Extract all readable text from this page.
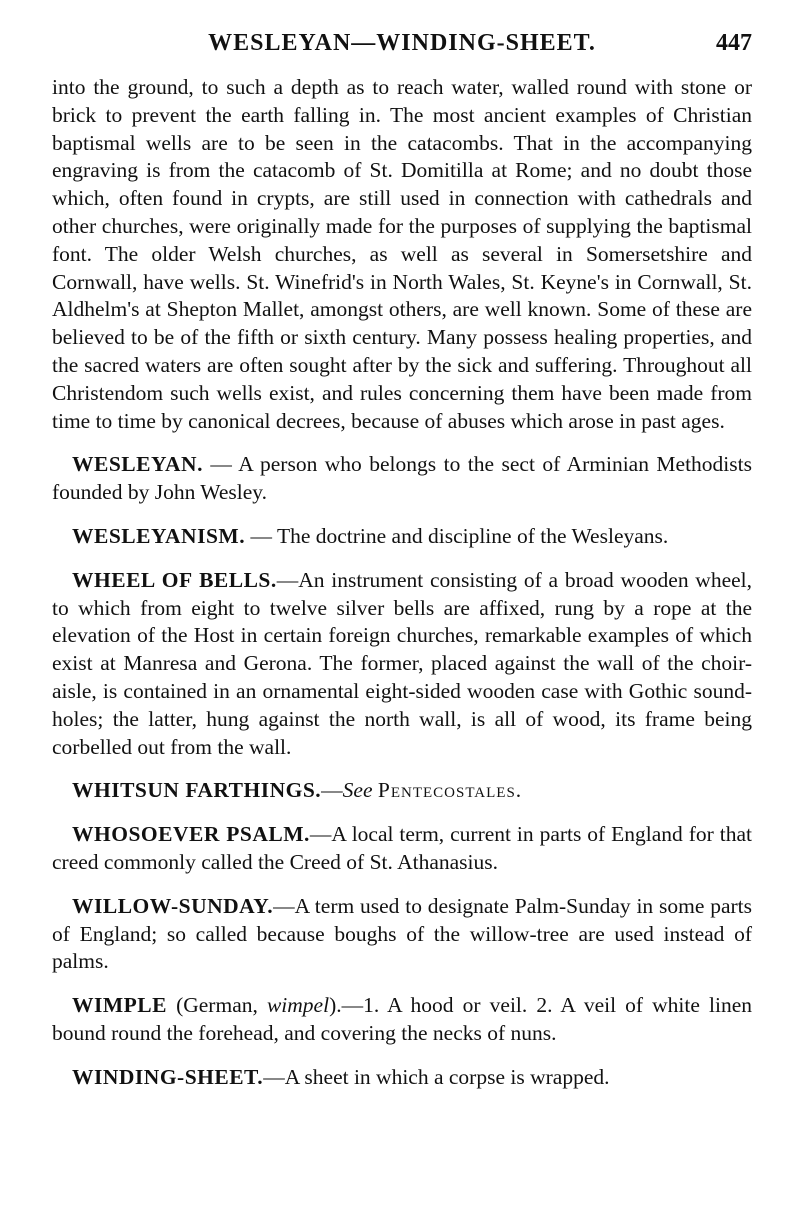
WESLEYAN—WINDING-SHEET.	447

into the ground, to such a depth as to reach water, walled round with stone or brick to prevent the earth falling in. The most ancient examples of Christian baptismal wells are to be seen in the catacombs. That in the accompanying engraving is from the catacomb of St. Domitilla at Rome; and no doubt those which, often found in crypts, are still used in connection with cathedrals and other churches, were originally made for the purposes of supplying the baptismal font. The older Welsh churches, as well as several in Somersetshire and Cornwall, have wells. St. Winefrid's in North Wales, St. Keyne's in Cornwall, St. Aldhelm's at Shepton Mallet, amongst others, are well known. Some of these are believed to be of the fifth or sixth century. Many possess healing properties, and the sacred waters are often sought after by the sick and suffering. Throughout all Christendom such wells exist, and rules concerning them have been made from time to time by canonical decrees, because of abuses which arose in past ages.

WESLEYAN. — A person who belongs to the sect of Arminian Methodists founded by John Wesley.

WESLEYANISM. — The doctrine and discipline of the Wesleyans.

WHEEL OF BELLS.—An instrument consisting of a broad wooden wheel, to which from eight to twelve silver bells are affixed, rung by a rope at the elevation of the Host in certain foreign churches, remarkable examples of which exist at Manresa and Gerona. The former, placed against the wall of the choir-aisle, is contained in an ornamental eight-sided wooden case with Gothic sound-holes; the latter, hung against the north wall, is all of wood, its frame being corbelled out from the wall.

WHITSUN FARTHINGS.—See Pentecostales.

WHOSOEVER PSALM.—A local term, current in parts of England for that creed commonly called the Creed of St. Athanasius.

WILLOW-SUNDAY.—A term used to designate Palm-Sunday in some parts of England; so called because boughs of the willow-tree are used instead of palms.

WIMPLE (German, wimpel).—1. A hood or veil. 2. A veil of white linen bound round the forehead, and covering the necks of nuns.

WINDING-SHEET.—A sheet in which a corpse is wrapped.
